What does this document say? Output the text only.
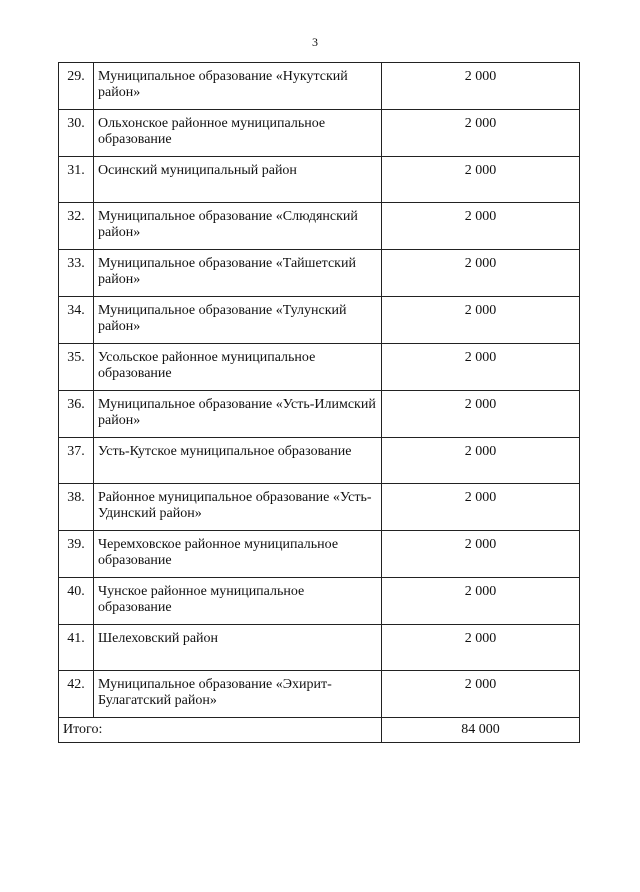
3
29.	Муниципальное образование «Нукутский район»	2 000
30.	Ольхонское районное муниципальное образование	2 000
31.	Осинский муниципальный район	2 000
32.	Муниципальное образование «Слюдянский район»	2 000
33.	Муниципальное образование «Тайшетский район»	2 000
34.	Муниципальное образование «Тулунский район»	2 000
35.	Усольское районное муниципальное образование	2 000
36.	Муниципальное образование «Усть-Илимский район»	2 000
37.	Усть-Кутское муниципальное образование	2 000
38.	Районное муниципальное образование «Усть-Удинский район»	2 000
39.	Черемховское районное муниципальное образование	2 000
40.	Чунское районное муниципальное образование	2 000
41.	Шелеховский район	2 000
42.	Муниципальное образование «Эхирит-Булагатский район»	2 000
Итого:		84 000
